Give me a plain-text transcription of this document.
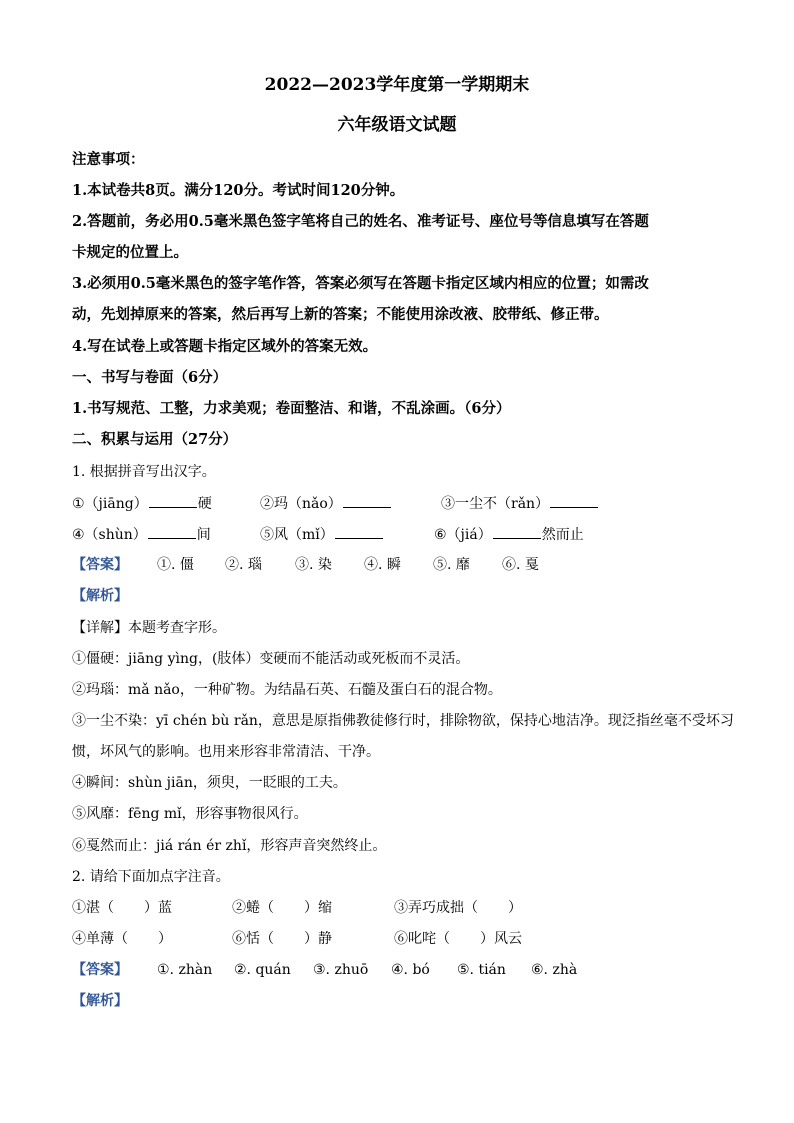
2022—2023学年度第一学期期末
六年级语文试题
注意事项：
1.本试卷共8页。满分120分。考试时间120分钟。
2.答题前，务必用0.5毫米黑色签字笔将自己的姓名、准考证号、座位号等信息填写在答题
卡规定的位置上。
3.必须用0.5毫米黑色的签字笔作答，答案必须写在答题卡指定区域内相应的位置；如需改
动，先划掉原来的答案，然后再写上新的答案；不能使用涂改液、胶带纸、修正带。
4.写在试卷上或答题卡指定区域外的答案无效。
一、书写与卷面（6分）
1.书写规范、工整，力求美观；卷面整洁、和谐，不乱涂画。（6分）
二、积累与运用（27分）
1. 根据拼音写出汉字。
①（jiāng）	硬	②玛（nǎo）	③一尘不（rǎn）
④（shùn）	间	⑤风（mǐ）	⑥（jiá）	然而止
【答案】 ①. 僵 ②. 瑙 ③. 染 ④. 瞬 ⑤. 靡 ⑥. 戛
【解析】
【详解】本题考查字形。
①僵硬：jiāng yìng，(肢体）变硬而不能活动或死板而不灵活。
②玛瑙：mǎ nǎo，一种矿物。为结晶石英、石髓及蛋白石的混合物。
③一尘不染：yī chén bù rǎn，意思是原指佛教徒修行时，排除物欲，保持心地洁净。现泛指丝毫不受坏习
惯，坏风气的影响。也用来形容非常清洁、干净。
④瞬间：shùn jiān，须臾，一眨眼的工夫。
⑤风靡：fēng mǐ，形容事物很风行。
⑥戛然而止：jiá rán ér zhǐ，形容声音突然终止。
2. 请给下面加点字注音。
①湛（ ）蓝	②蜷（ ）缩	③弄巧成拙（ ）
④单薄（ ）	⑥恬（ ）静	⑥叱咤（ ）风云
【答案】 ①. zhàn ②. quán ③. zhuō ④. bó ⑤. tián ⑥. zhà
【解析】
